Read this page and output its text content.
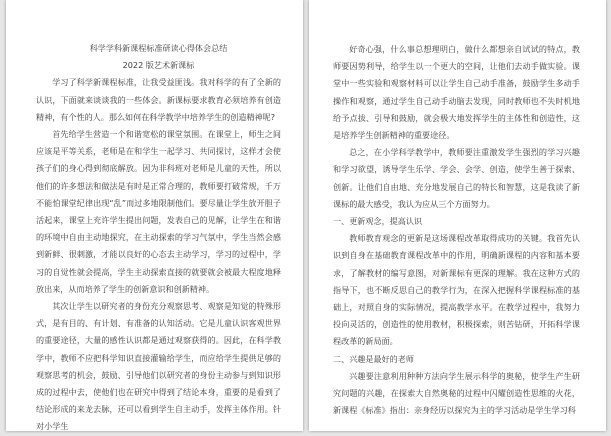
科学学科新课程标准研读心得体会总结

2022 版艺术新课标

学习了科学新课程标准，让我受益匪浅。我对科学的有了全新的认识，下面就来谈谈我的一些体会。新课标要求教育必须培养有创造精神，有个性的人。那么如何在科学教学中培养学生的创造精神呢?

首先给学生营造一个和谐宽松的课堂氛围。在课堂上，师生之间应该是平等关系，老师是在和学生一起学习、共同探讨，这样才会使孩子们的身心得到彻底解放。因为非科班对老师是儿童的天性，所以他们的许多想法和做法是有时是正常合理的，教师要打破常规，千万不能怕课堂纪律出现“乱”而过多地限制他们。要尽量让学生放开胆子活起来，课堂上充许学生提出问题，发表自己的见解，让学生在和谐的环境中自由主动地探究，在主动探索的学习气氛中，学生当然会感到新鲜、很刺激，才能以良好的心态去主动学习，学习的过程中，学习的自觉性就会提高，学生主动探索直接的就要就会被最大程度地释放出来，从而培养了学生的创新意识和创新精神。

其次让学生以研究者的身份充分观察思考、观察是知觉的特殊形式，是有目的、有计划、有准备的认知活动。它是儿童认识客观世界的重要途径，大量的感性认识都是通过观察获得的。因此，在科学教学中，教师不应把科学知识直接灌输给学生，而应给学生提供足够的观察思考的机会，鼓励、引导他们以研究者的身份主动参与到知识形成的过程中去，使他们也在研究中得到了结论本身，重要的是看到了结论形成的来龙去脉，还可以看到学生自主动手，发挥主体作用。针对小学生

好奇心强，什么事总想理明白，做什么都想亲自试试的特点，教师要因势利导，给学生以一个更大的空间，让他们去动手做实验。课堂中一些实验和观察材料可以让学生自己动手准备，鼓励学生多动手操作和观察，通过学生自己动手动脑去发现，同时教师也不失时机地给予点拔、引导和鼓励，就会极大地发挥学生的主体性和创造性，这是培养学生创新精神的重要途径。

总之，在小学科学教学中，教师要注重激发学生强烈的学习兴趣和学习欲望，诱导学生乐学、学会、会学、创造，使学生善于探索、创新。让他们自由地、充分地发展自己的特长和智慧，这是我读了新课标的最大感受，我认为应从三个方面努力。

一、更新观念，提高认识

教师教育观念的更新是这场课程改革取得成功的关键。我首先认识到自身在基础教育课程改革中的作用，明确新课程的内容和基本要求，了解教材的编写意图，对新课标有更深的理解。我在这种方式的指导下，也不断反思自己的教学行为，在深入把握科学课程标准的基础上，对照自身的实际情况，提高教学水平。在教学过程中，我努力投向灵活的，创造性的使用教材，积极探索，则苦钻研，开拓科学课程改革的新局面。

二、兴趣是最好的老师

兴趣要注意利用种种方法向学生展示科学的奥秘，使学生产生研究问题的兴趣，在探索大自然奥秘的过程中闪耀创造性思维的火花，新课程《标准》指出：亲身经历以探究为主的学习活动是学生学习科
